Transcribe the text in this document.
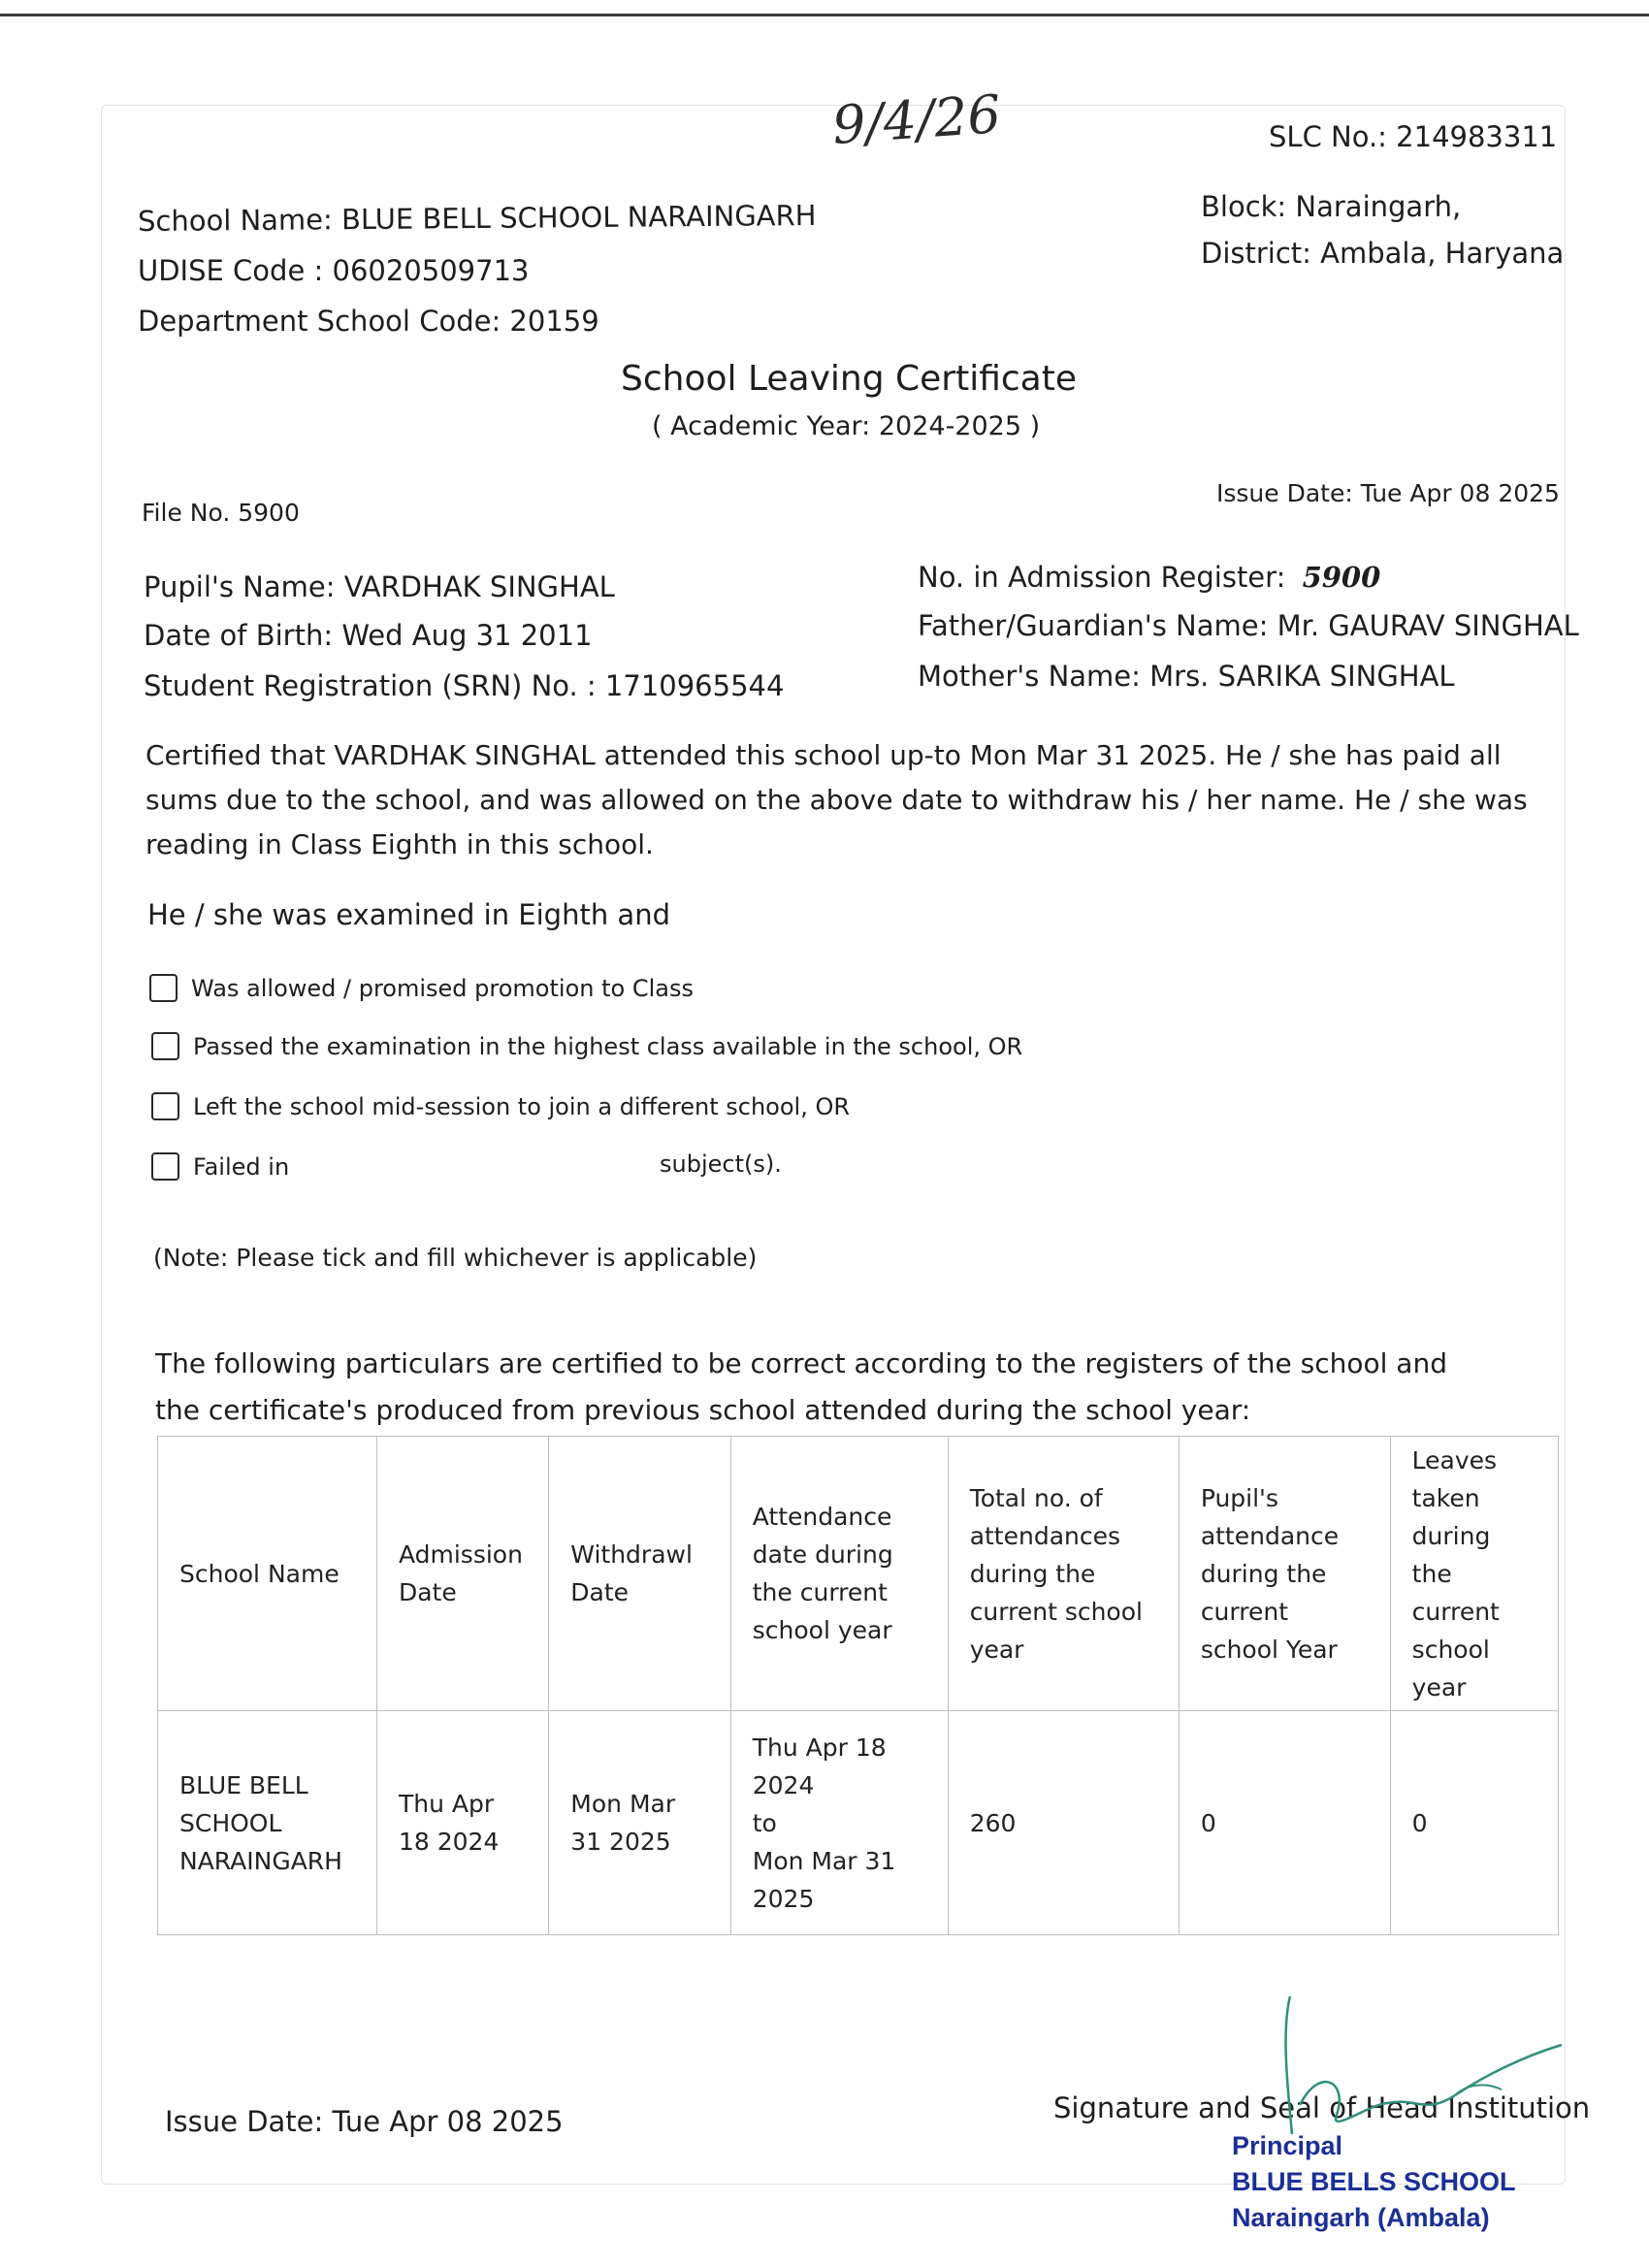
9/4/26	SLC No.: 214983311
School Name: BLUE BELL SCHOOL NARAINGARH
UDISE Code : 06020509713
Department School Code: 20159
Block: Naraingarh,
District: Ambala, Haryana
School Leaving Certificate
( Academic Year: 2024-2025 )
File No. 5900
Issue Date: Tue Apr 08 2025
Pupil's Name: VARDHAK SINGHAL
Date of Birth: Wed Aug 31 2011
Student Registration (SRN) No. : 1710965544
No. in Admission Register: 5900
Father/Guardian's Name: Mr. GAURAV SINGHAL
Mother's Name: Mrs. SARIKA SINGHAL
Certified that VARDHAK SINGHAL attended this school up-to Mon Mar 31 2025. He / she has paid all sums due to the school, and was allowed on the above date to withdraw his / her name. He / she was reading in Class Eighth in this school.
He / she was examined in Eighth and
Was allowed / promised promotion to Class
Passed the examination in the highest class available in the school, OR
Left the school mid-session to join a different school, OR
Failed in	subject(s).
(Note: Please tick and fill whichever is applicable)
The following particulars are certified to be correct according to the registers of the school and the certificate's produced from previous school attended during the school year:
School Name	Admission Date	Withdrawl Date	Attendance date during the current school year	Total no. of attendances during the current school year	Pupil's attendance during the current school Year	Leaves taken during the current school year
BLUE BELL SCHOOL NARAINGARH	Thu Apr 18 2024	Mon Mar 31 2025	Thu Apr 18 2024
to
Mon Mar 31 2025	260	0	0
Issue Date: Tue Apr 08 2025	Signature and Seal of Head Institution
Principal
BLUE BELLS SCHOOL
Naraingarh (Ambala)
